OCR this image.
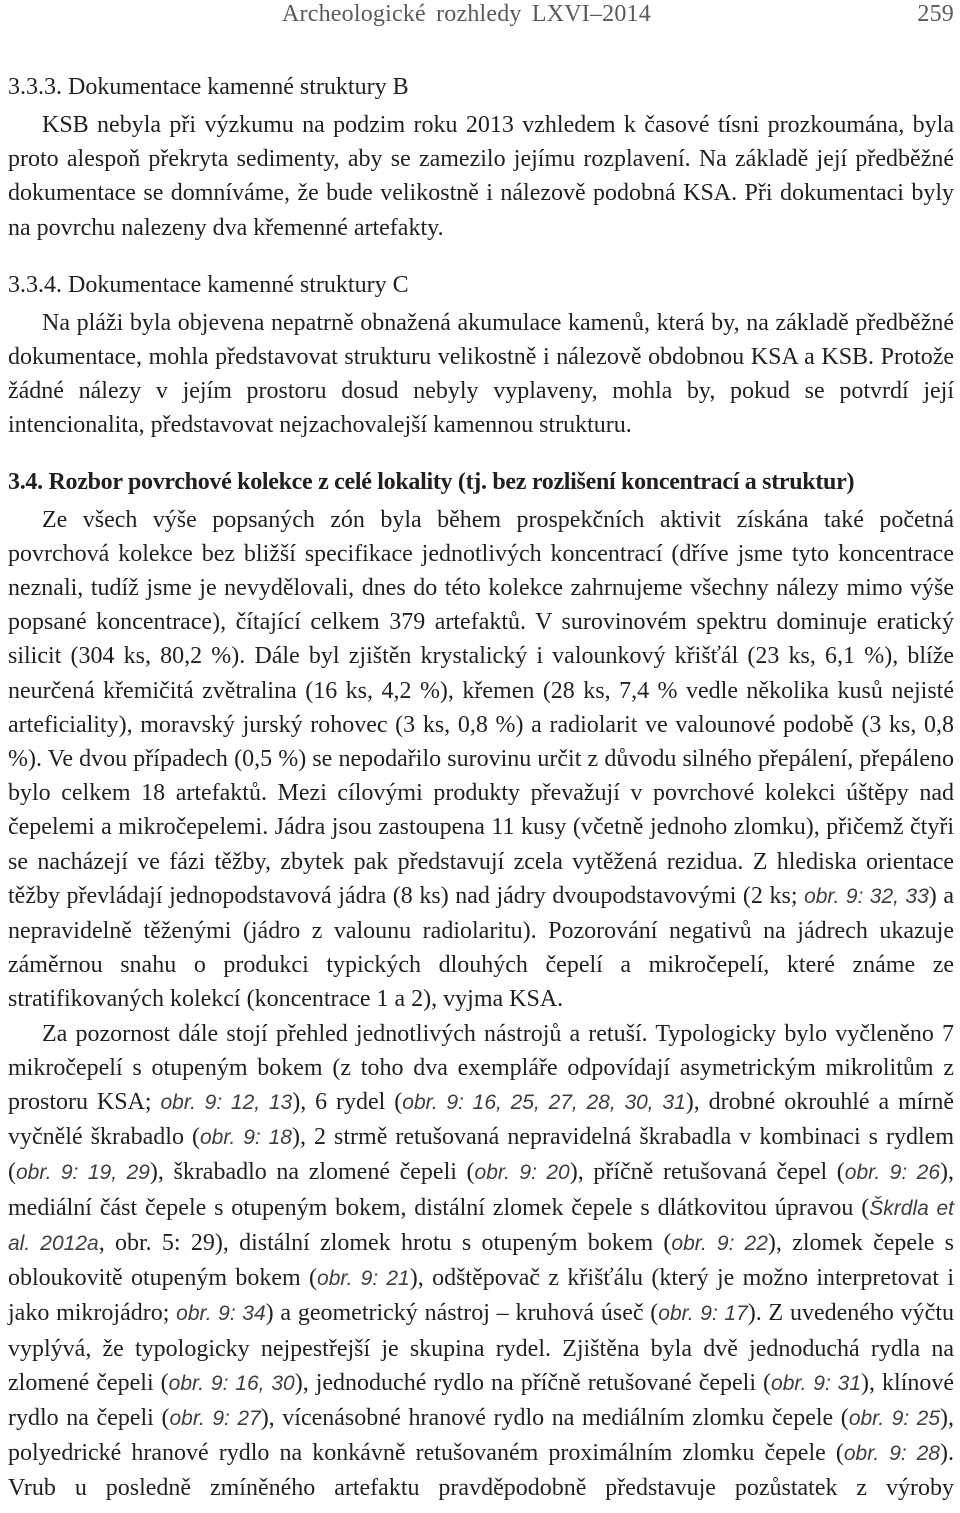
Archeologické rozhledy LXVI–2014	259
3.3.3. Dokumentace kamenné struktury B

KSB nebyla při výzkumu na podzim roku 2013 vzhledem k časové tísni prozkoumána, byla proto alespoň překryta sedimenty, aby se zamezilo jejímu rozplavení. Na základě její předběžné dokumentace se domníváme, že bude velikostně i nálezově podobná KSA. Při dokumentaci byly na povrchu nalezeny dva křemenné artefakty.

3.3.4. Dokumentace kamenné struktury C

Na pláži byla objevena nepatrně obnažená akumulace kamenů, která by, na základě předběžné dokumentace, mohla představovat strukturu velikostně i nálezově obdobnou KSA a KSB. Protože žádné nálezy v jejím prostoru dosud nebyly vyplaveny, mohla by, pokud se potvrdí její intencionalita, představovat nejzachovalejší kamennou strukturu.

3.4. Rozbor povrchové kolekce z celé lokality (tj. bez rozlišení koncentrací a struktur)

Ze všech výše popsaných zón byla během prospekčních aktivit získána také početná povrchová kolekce bez bližší specifikace jednotlivých koncentrací (dříve jsme tyto koncentrace neznali, tudíž jsme je nevydělovali, dnes do této kolekce zahrnujeme všechny nálezy mimo výše popsané koncentrace), čítající celkem 379 artefaktů. V surovinovém spektru dominuje eratický silicit (304 ks, 80,2 %). Dále byl zjištěn krystalický i valounkový křišťál (23 ks, 6,1 %), blíže neurčená křemičitá zvětralina (16 ks, 4,2 %), křemen (28 ks, 7,4 % vedle několika kusů nejisté arteficiality), moravský jurský rohovec (3 ks, 0,8 %) a radiolarit ve valounové podobě (3 ks, 0,8 %). Ve dvou případech (0,5 %) se nepodařilo surovinu určit z důvodu silného přepálení, přepáleno bylo celkem 18 artefaktů. Mezi cílovými produkty převažují v povrchové kolekci úštěpy nad čepelemi a mikročepelemi. Jádra jsou zastoupena 11 kusy (včetně jednoho zlomku), přičemž čtyři se nacházejí ve fázi těžby, zbytek pak představují zcela vytěžená rezidua. Z hlediska orientace těžby převládají jednopodstavová jádra (8 ks) nad jádry dvoupodstavovými (2 ks; obr. 9: 32, 33) a nepravidelně těženými (jádro z valounu radiolaritu). Pozorování negativů na jádrech ukazuje záměrnou snahu o produkci typických dlouhých čepelí a mikročepelí, které známe ze stratifikovaných kolekcí (koncentrace 1 a 2), vyjma KSA.

Za pozornost dále stojí přehled jednotlivých nástrojů a retuší. Typologicky bylo vyčleněno 7 mikročepelí s otupeným bokem (z toho dva exempláře odpovídají asymetrickým mikrolitům z prostoru KSA; obr. 9: 12, 13), 6 rydel (obr. 9: 16, 25, 27, 28, 30, 31), drobné okrouhlé a mírně vyčnělé škrabadlo (obr. 9: 18), 2 strmě retušovaná nepravidelná škrabadla v kombinaci s rydlem (obr. 9: 19, 29), škrabadlo na zlomené čepeli (obr. 9: 20), příčně retušovaná čepel (obr. 9: 26), mediální část čepele s otupeným bokem, distální zlomek čepele s dlátkovitou úpravou (Škrdla et al. 2012a, obr. 5: 29), distální zlomek hrotu s otupeným bokem (obr. 9: 22), zlomek čepele s obloukovitě otupeným bokem (obr. 9: 21), odštěpovač z křišťálu (který je možno interpretovat i jako mikrojádro; obr. 9: 34) a geometrický nástroj – kruhová úseč (obr. 9: 17). Z uvedeného výčtu vyplývá, že typologicky nejpestřejší je skupina rydel. Zjištěna byla dvě jednoduchá rydla na zlomené čepeli (obr. 9: 16, 30), jednoduché rydlo na příčně retušované čepeli (obr. 9: 31), klínové rydlo na čepeli (obr. 9: 27), vícenásobné hranové rydlo na mediálním zlomku čepele (obr. 9: 25), polyedrické hranové rydlo na konkávně retušovaném proximálním zlomku čepele (obr. 9: 28). Vrub u posledně zmíněného artefaktu pravděpodobně představuje pozůstatek z výroby
